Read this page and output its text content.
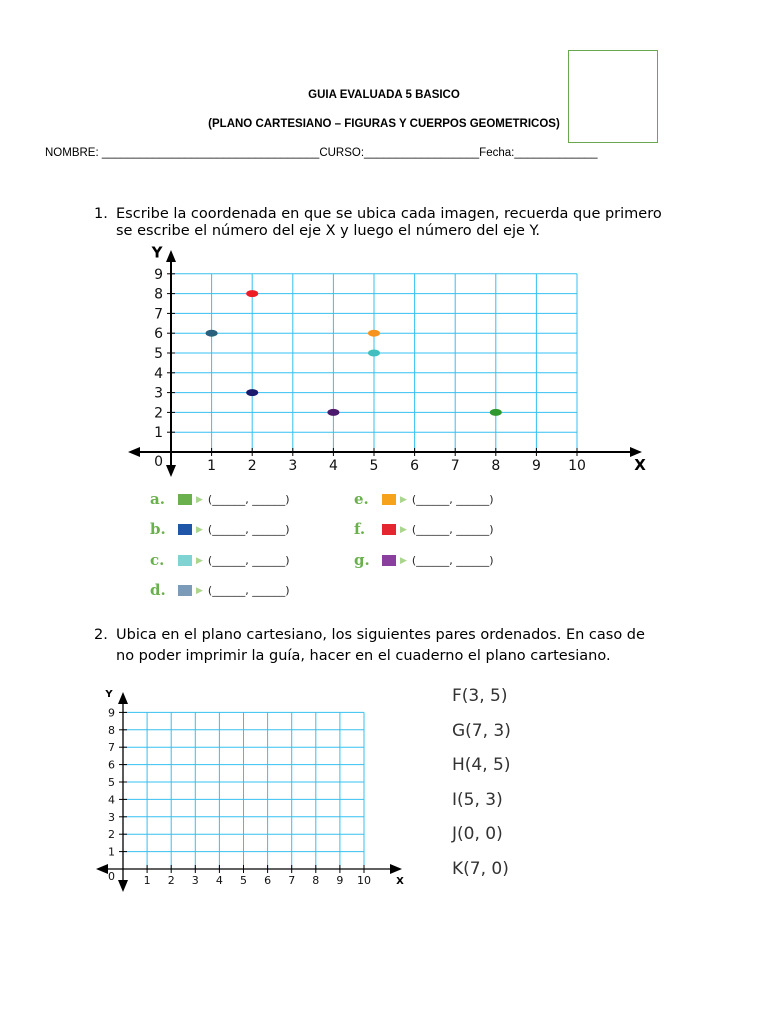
GUIA EVALUADA 5 BASICO
(PLANO CARTESIANO – FIGURAS Y CUERPOS GEOMETRICOS)
NOMBRE: __________________________________CURSO:__________________Fecha:_____________
1. Escribe la coordenada en que se ubica cada imagen, recuerda que primero
se escribe el número del eje X y luego el número del eje Y.
1 2 3 4 5 6 7 8 9 10
1
2
3
4
5
6
7
8
9
0	X
Y
a.	▶ (______, ______)
b.	▶ (______, ______)
c.	▶ (______, ______)
d.	▶ (______, ______)
e.	▶ (______, ______)
f.	▶ (______, ______)
g.	▶ (______, ______)
2. Ubica en el plano cartesiano, los siguientes pares ordenados. En caso de
no poder imprimir la guía, hacer en el cuaderno el plano cartesiano.
1 2 3 4 5 6 7 8 9 10
1
2
3
4
5
6
7
8
9
0	X
Y	F(3, 5)
G(7, 3)
H(4, 5)
I(5, 3)
J(0, 0)
K(7, 0)
